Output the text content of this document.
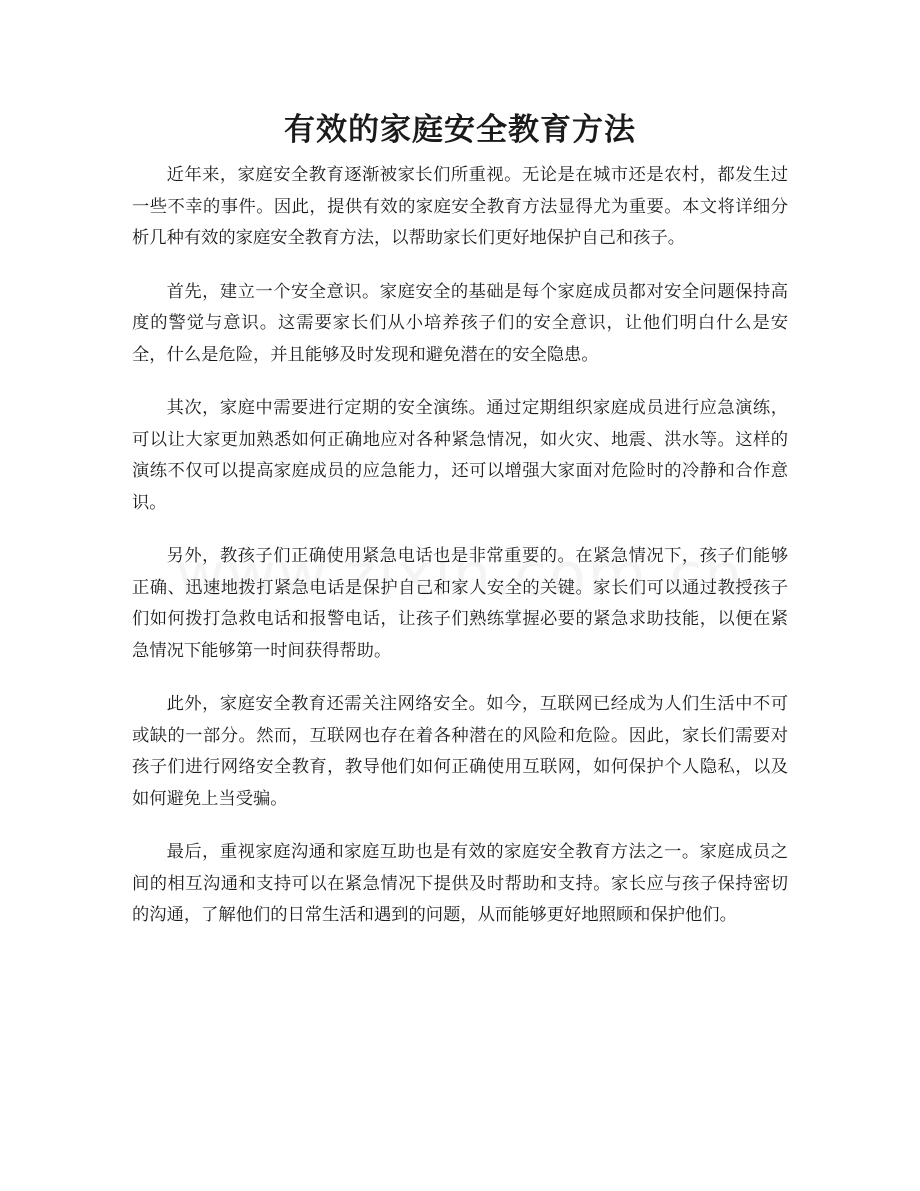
有效的家庭安全教育方法

近年来，家庭安全教育逐渐被家长们所重视。无论是在城市还是农村，都发生过一些不幸的事件。因此，提供有效的家庭安全教育方法显得尤为重要。本文将详细分析几种有效的家庭安全教育方法，以帮助家长们更好地保护自己和孩子。

首先，建立一个安全意识。家庭安全的基础是每个家庭成员都对安全问题保持高度的警觉与意识。这需要家长们从小培养孩子们的安全意识，让他们明白什么是安全，什么是危险，并且能够及时发现和避免潜在的安全隐患。

其次，家庭中需要进行定期的安全演练。通过定期组织家庭成员进行应急演练，可以让大家更加熟悉如何正确地应对各种紧急情况，如火灾、地震、洪水等。这样的演练不仅可以提高家庭成员的应急能力，还可以增强大家面对危险时的冷静和合作意识。

另外，教孩子们正确使用紧急电话也是非常重要的。在紧急情况下，孩子们能够正确、迅速地拨打紧急电话是保护自己和家人安全的关键。家长们可以通过教授孩子们如何拨打急救电话和报警电话，让孩子们熟练掌握必要的紧急求助技能，以便在紧急情况下能够第一时间获得帮助。

此外，家庭安全教育还需关注网络安全。如今，互联网已经成为人们生活中不可或缺的一部分。然而，互联网也存在着各种潜在的风险和危险。因此，家长们需要对孩子们进行网络安全教育，教导他们如何正确使用互联网，如何保护个人隐私，以及如何避免上当受骗。

最后，重视家庭沟通和家庭互助也是有效的家庭安全教育方法之一。家庭成员之间的相互沟通和支持可以在紧急情况下提供及时帮助和支持。家长应与孩子保持密切的沟通，了解他们的日常生活和遇到的问题，从而能够更好地照顾和保护他们。
